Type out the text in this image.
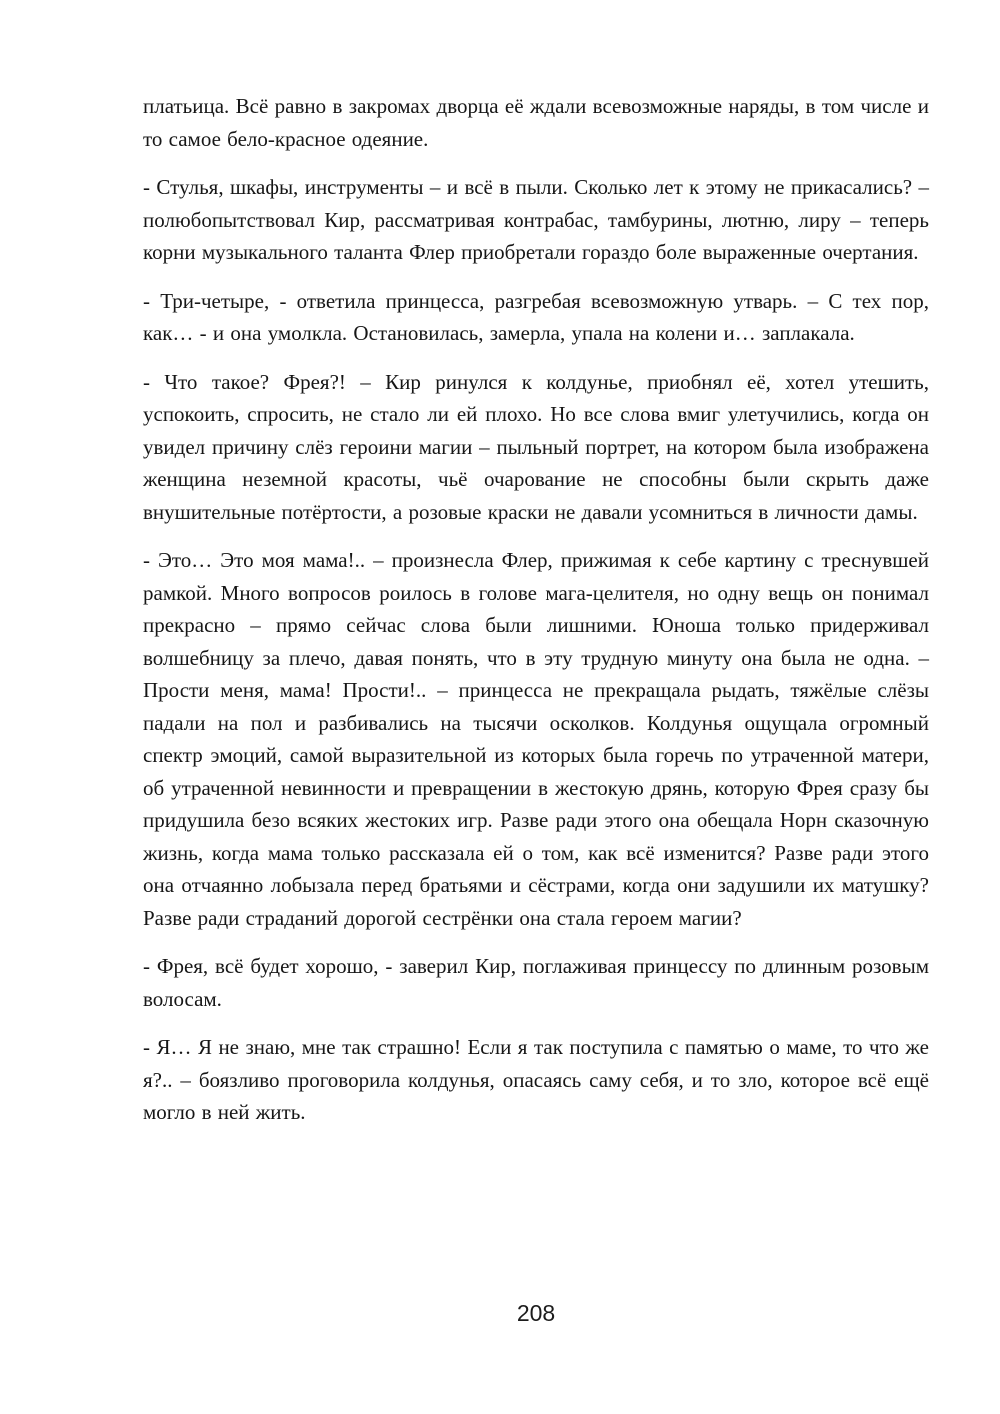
платьица. Всё равно в закромах дворца её ждали всевозможные наряды, в том числе и то самое бело-красное одеяние.

- Стулья, шкафы, инструменты – и всё в пыли. Сколько лет к этому не прикасались? – полюбопытствовал Кир, рассматривая контрабас, тамбурины, лютню, лиру – теперь корни музыкального таланта Флер приобретали гораздо боле выраженные очертания.

- Три-четыре, - ответила принцесса, разгребая всевозможную утварь. – С тех пор, как… - и она умолкла. Остановилась, замерла, упала на колени и… заплакала.

- Что такое? Фрея?! – Кир ринулся к колдунье, приобнял её, хотел утешить, успокоить, спросить, не стало ли ей плохо. Но все слова вмиг улетучились, когда он увидел причину слёз героини магии – пыльный портрет, на котором была изображена женщина неземной красоты, чьё очарование не способны были скрыть даже внушительные потёртости, а розовые краски не давали усомниться в личности дамы.

- Это… Это моя мама!.. – произнесла Флер, прижимая к себе картину с треснувшей рамкой. Много вопросов роилось в голове мага-целителя, но одну вещь он понимал прекрасно – прямо сейчас слова были лишними. Юноша только придерживал волшебницу за плечо, давая понять, что в эту трудную минуту она была не одна. – Прости меня, мама! Прости!.. – принцесса не прекращала рыдать, тяжёлые слёзы падали на пол и разбивались на тысячи осколков. Колдунья ощущала огромный спектр эмоций, самой выразительной из которых была горечь по утраченной матери, об утраченной невинности и превращении в жестокую дрянь, которую Фрея сразу бы придушила безо всяких жестоких игр. Разве ради этого она обещала Норн сказочную жизнь, когда мама только рассказала ей о том, как всё изменится? Разве ради этого она отчаянно лобызала перед братьями и сёстрами, когда они задушили их матушку? Разве ради страданий дорогой сестрёнки она стала героем магии?

- Фрея, всё будет хорошо, - заверил Кир, поглаживая принцессу по длинным розовым волосам.

- Я… Я не знаю, мне так страшно! Если я так поступила с памятью о маме, то что же я?.. – боязливо проговорила колдунья, опасаясь саму себя, и то зло, которое всё ещё могло в ней жить.

208
